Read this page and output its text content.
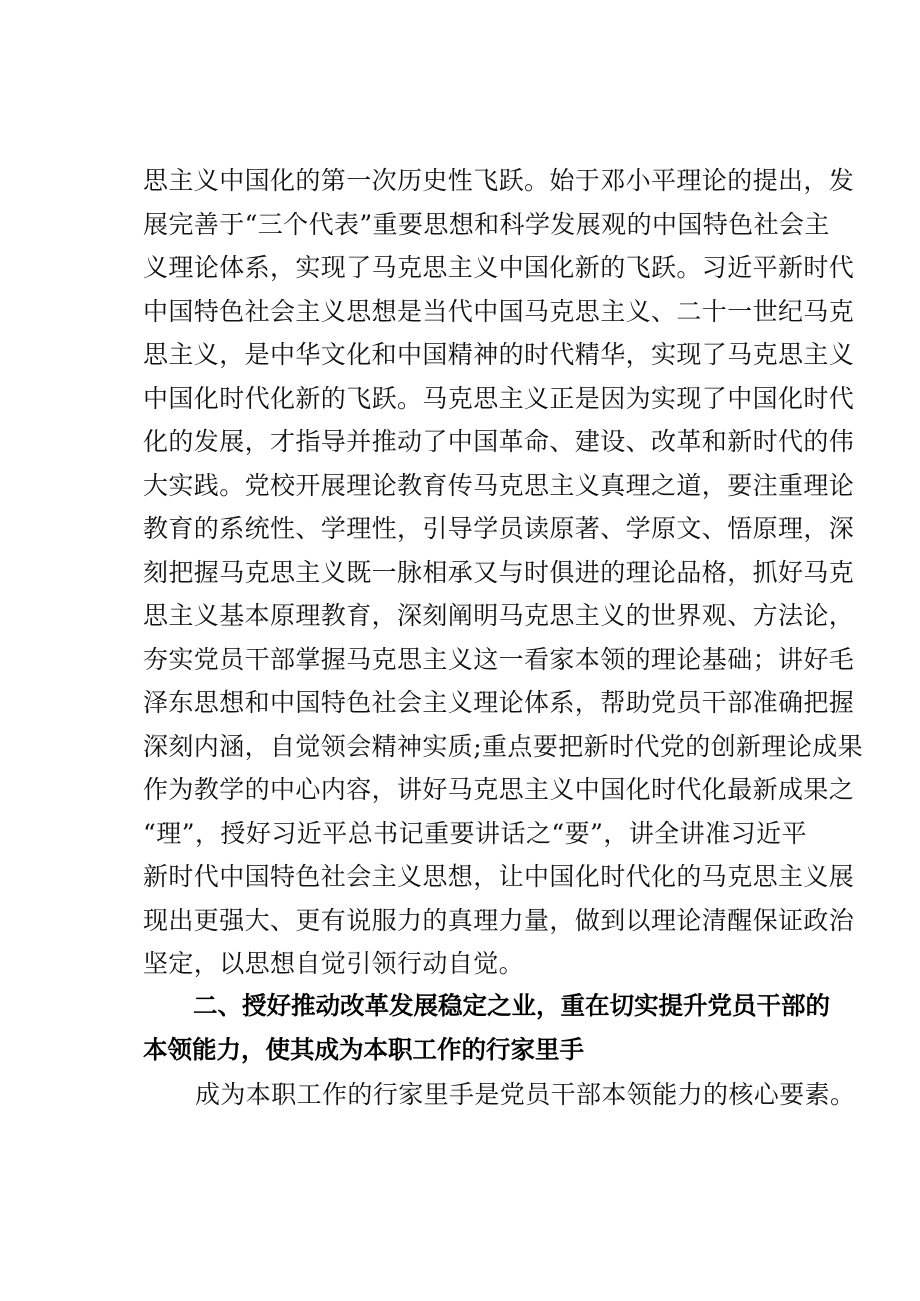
思主义中国化的第一次历史性飞跃。始于邓小平理论的提出，发
展完善于“三个代表”重要思想和科学发展观的中国特色社会主
义理论体系，实现了马克思主义中国化新的飞跃。习近平新时代
中国特色社会主义思想是当代中国马克思主义、二十一世纪马克
思主义，是中华文化和中国精神的时代精华，实现了马克思主义
中国化时代化新的飞跃。马克思主义正是因为实现了中国化时代
化的发展，才指导并推动了中国革命、建设、改革和新时代的伟
大实践。党校开展理论教育传马克思主义真理之道，要注重理论
教育的系统性、学理性，引导学员读原著、学原文、悟原理，深
刻把握马克思主义既一脉相承又与时俱进的理论品格，抓好马克
思主义基本原理教育，深刻阐明马克思主义的世界观、方法论，
夯实党员干部掌握马克思主义这一看家本领的理论基础；讲好毛
泽东思想和中国特色社会主义理论体系，帮助党员干部准确把握
深刻内涵，自觉领会精神实质;重点要把新时代党的创新理论成果
作为教学的中心内容，讲好马克思主义中国化时代化最新成果之
“理”，授好习近平总书记重要讲话之“要”，讲全讲准习近平
新时代中国特色社会主义思想，让中国化时代化的马克思主义展
现出更强大、更有说服力的真理力量，做到以理论清醒保证政治
坚定，以思想自觉引领行动自觉。
二、授好推动改革发展稳定之业，重在切实提升党员干部的
本领能力，使其成为本职工作的行家里手
成为本职工作的行家里手是党员干部本领能力的核心要素。
